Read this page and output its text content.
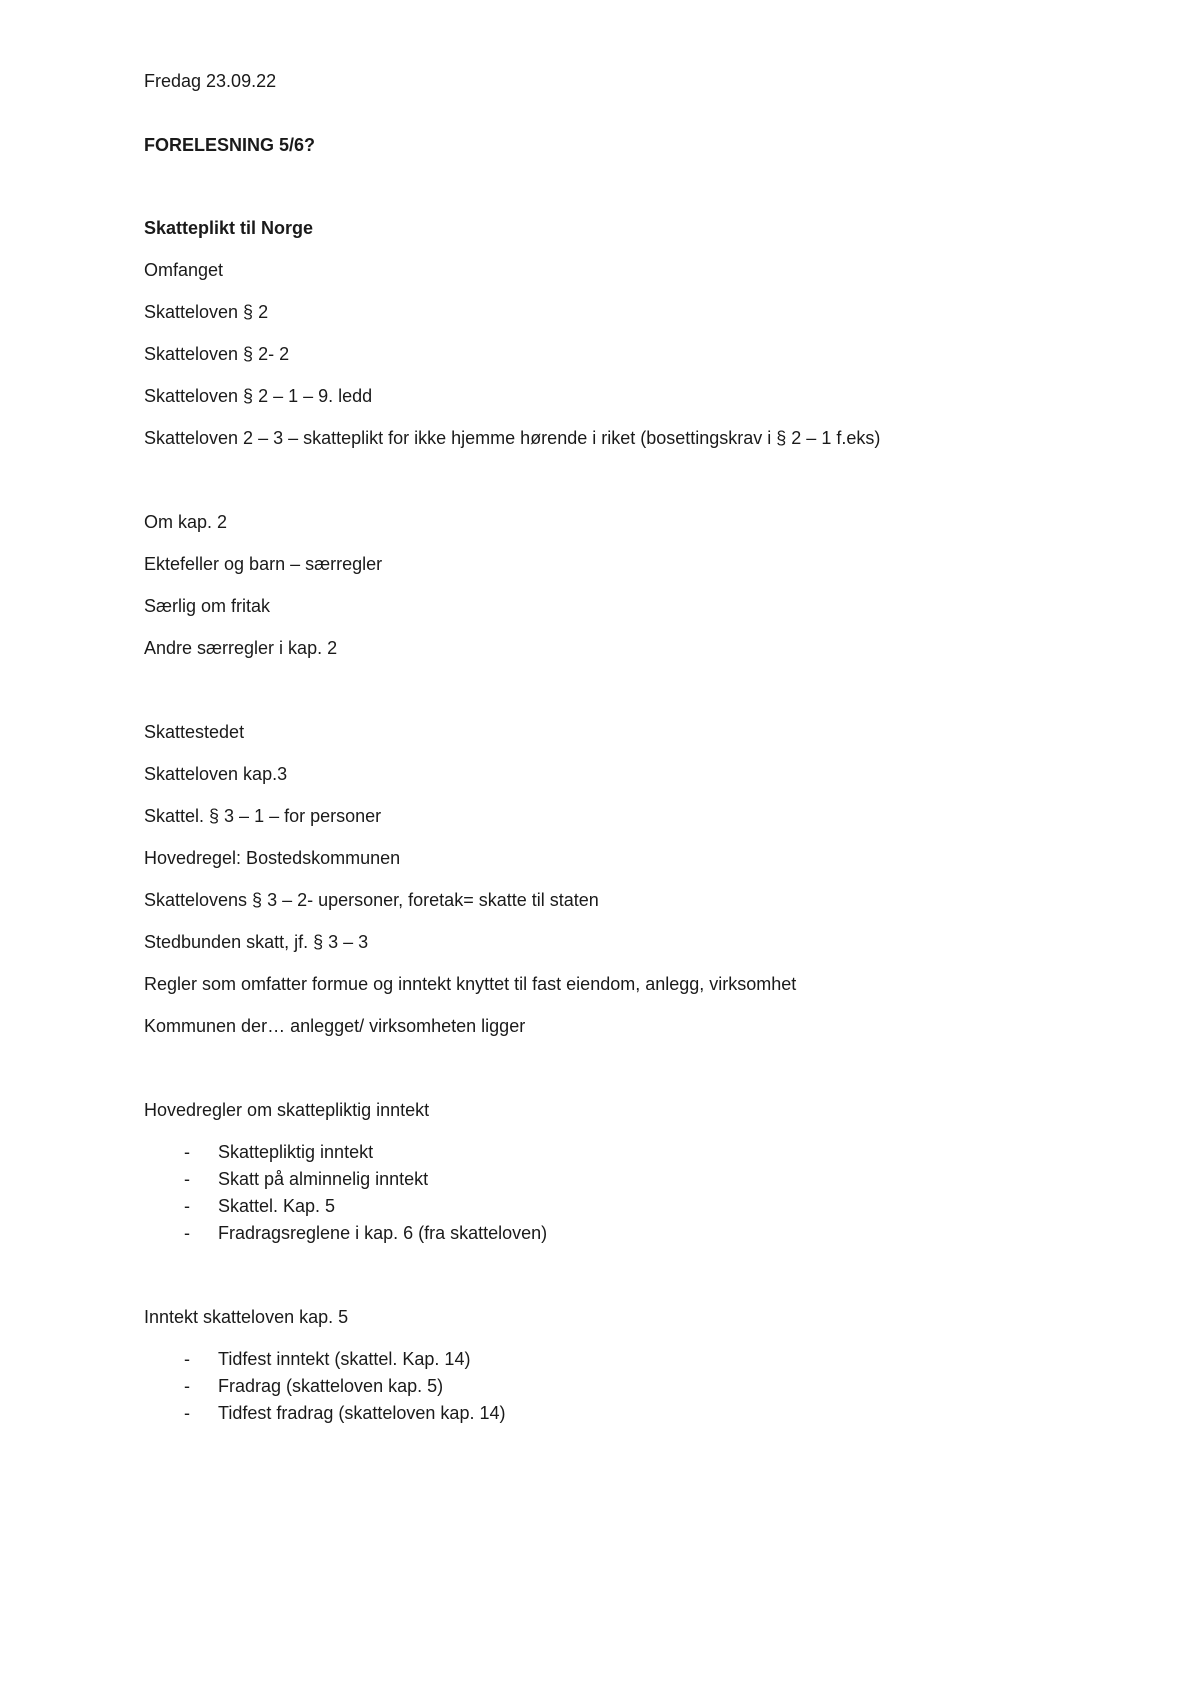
Fredag 23.09.22
FORELESNING 5/6?
Skatteplikt til Norge
Omfanget
Skatteloven § 2
Skatteloven § 2- 2
Skatteloven § 2 – 1 – 9. ledd
Skatteloven 2 – 3 – skatteplikt for ikke hjemme hørende i riket (bosettingskrav i § 2 – 1 f.eks)
Om kap. 2
Ektefeller og barn – særregler
Særlig om fritak
Andre særregler i kap. 2
Skattestedet
Skatteloven kap.3
Skattel. § 3 – 1 – for personer
Hovedregel: Bostedskommunen
Skattelovens § 3 – 2- upersoner, foretak= skatte til staten
Stedbunden skatt, jf. § 3 – 3
Regler som omfatter formue og inntekt knyttet til fast eiendom, anlegg, virksomhet
Kommunen der… anlegget/ virksomheten ligger
Hovedregler om skattepliktig inntekt
-	Skattepliktig inntekt
-	Skatt på alminnelig inntekt
-	Skattel. Kap. 5
-	Fradragsreglene i kap. 6 (fra skatteloven)
Inntekt skatteloven kap. 5
-	Tidfest inntekt (skattel. Kap. 14)
-	Fradrag (skatteloven kap. 5)
-	Tidfest fradrag (skatteloven kap. 14)
